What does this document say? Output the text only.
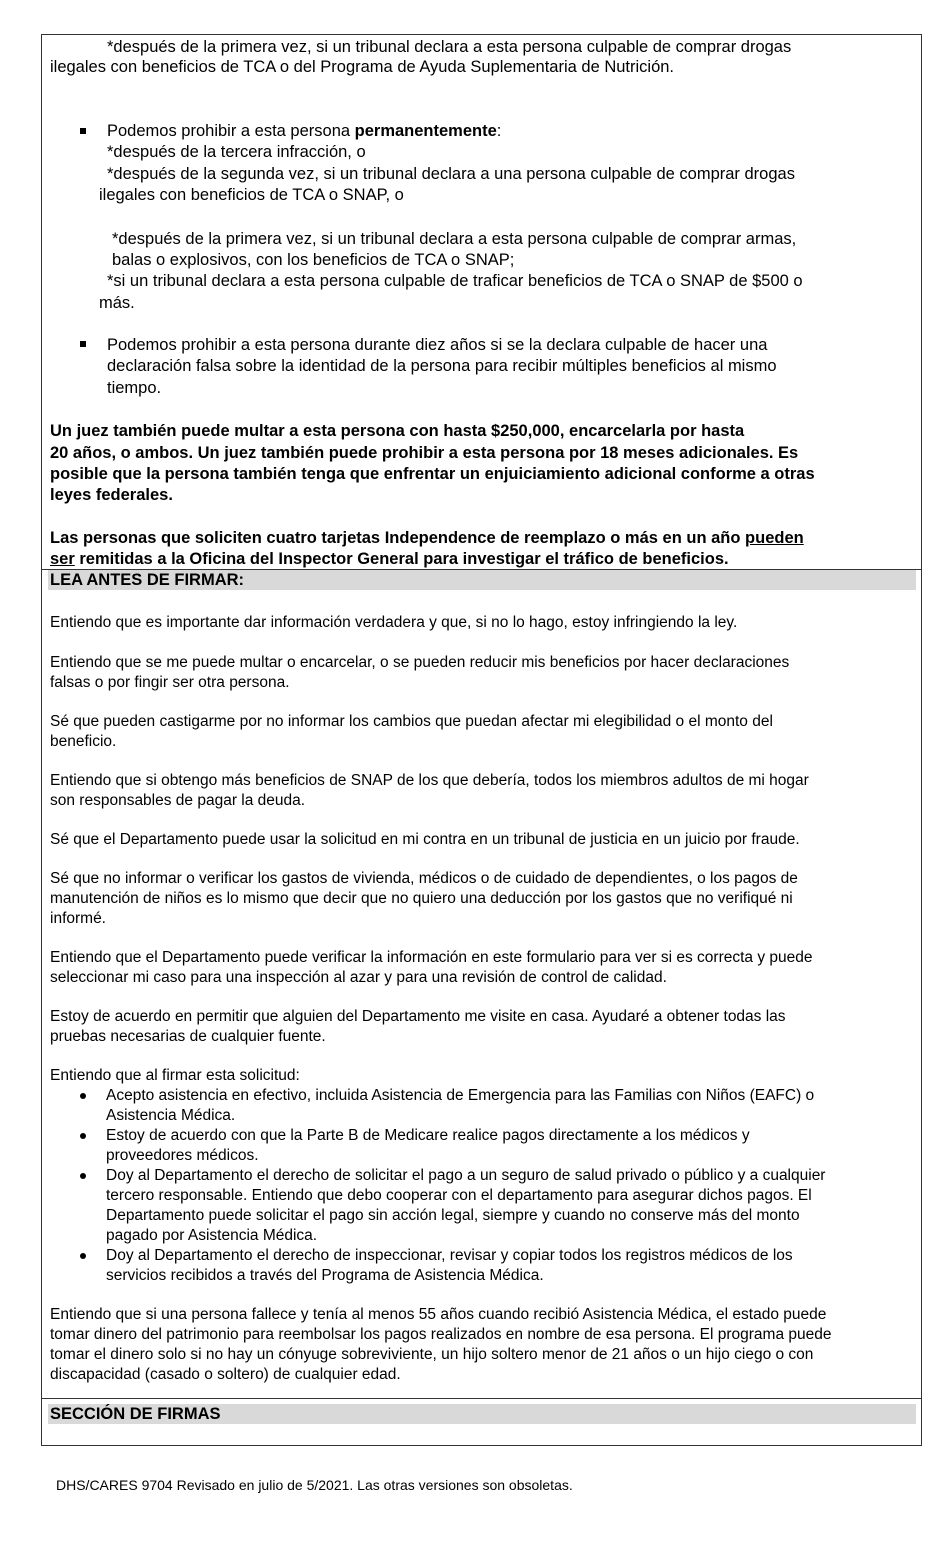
*después de la primera vez, si un tribunal declara a esta persona culpable de comprar drogas

ilegales con beneficios de TCA o del Programa de Ayuda Suplementaria de Nutrición.

Podemos prohibir a esta persona permanentemente:

*después de la tercera infracción, o

*después de la segunda vez, si un tribunal declara a una persona culpable de comprar drogas

ilegales con beneficios de TCA o SNAP, o

*después de la primera vez, si un tribunal declara a esta persona culpable de comprar armas,

balas o explosivos, con los beneficios de TCA o SNAP;

*si un tribunal declara a esta persona culpable de traficar beneficios de TCA o SNAP de $500 o

más.

Podemos prohibir a esta persona durante diez años si se la declara culpable de hacer una

declaración falsa sobre la identidad de la persona para recibir múltiples beneficios al mismo

tiempo.

Un juez también puede multar a esta persona con hasta $250,000, encarcelarla por hasta

20 años, o ambos. Un juez también puede prohibir a esta persona por 18 meses adicionales. Es

posible que la persona también tenga que enfrentar un enjuiciamiento adicional conforme a otras

leyes federales.

Las personas que soliciten cuatro tarjetas Independence de reemplazo o más en un año pueden

ser remitidas a la Oficina del Inspector General para investigar el tráfico de beneficios.

LEA ANTES DE FIRMAR:

Entiendo que es importante dar información verdadera y que, si no lo hago, estoy infringiendo la ley.

Entiendo que se me puede multar o encarcelar, o se pueden reducir mis beneficios por hacer declaraciones

falsas o por fingir ser otra persona.

Sé que pueden castigarme por no informar los cambios que puedan afectar mi elegibilidad o el monto del

beneficio.

Entiendo que si obtengo más beneficios de SNAP de los que debería, todos los miembros adultos de mi hogar

son responsables de pagar la deuda.

Sé que el Departamento puede usar la solicitud en mi contra en un tribunal de justicia en un juicio por fraude.

Sé que no informar o verificar los gastos de vivienda, médicos o de cuidado de dependientes, o los pagos de

manutención de niños es lo mismo que decir que no quiero una deducción por los gastos que no verifiqué ni

informé.

Entiendo que el Departamento puede verificar la información en este formulario para ver si es correcta y puede

seleccionar mi caso para una inspección al azar y para una revisión de control de calidad.

Estoy de acuerdo en permitir que alguien del Departamento me visite en casa. Ayudaré a obtener todas las

pruebas necesarias de cualquier fuente.

Entiendo que al firmar esta solicitud:

Acepto asistencia en efectivo, incluida Asistencia de Emergencia para las Familias con Niños (EAFC) o

Asistencia Médica.

Estoy de acuerdo con que la Parte B de Medicare realice pagos directamente a los médicos y

proveedores médicos.

Doy al Departamento el derecho de solicitar el pago a un seguro de salud privado o público y a cualquier

tercero responsable. Entiendo que debo cooperar con el departamento para asegurar dichos pagos. El

Departamento puede solicitar el pago sin acción legal, siempre y cuando no conserve más del monto

pagado por Asistencia Médica.

Doy al Departamento el derecho de inspeccionar, revisar y copiar todos los registros médicos de los

servicios recibidos a través del Programa de Asistencia Médica.

Entiendo que si una persona fallece y tenía al menos 55 años cuando recibió Asistencia Médica, el estado puede

tomar dinero del patrimonio para reembolsar los pagos realizados en nombre de esa persona. El programa puede

tomar el dinero solo si no hay un cónyuge sobreviviente, un hijo soltero menor de 21 años o un hijo ciego o con

discapacidad (casado o soltero) de cualquier edad.

SECCIÓN DE FIRMAS
DHS/CARES 9704 Revisado en julio de 5/2021. Las otras versiones son obsoletas.
